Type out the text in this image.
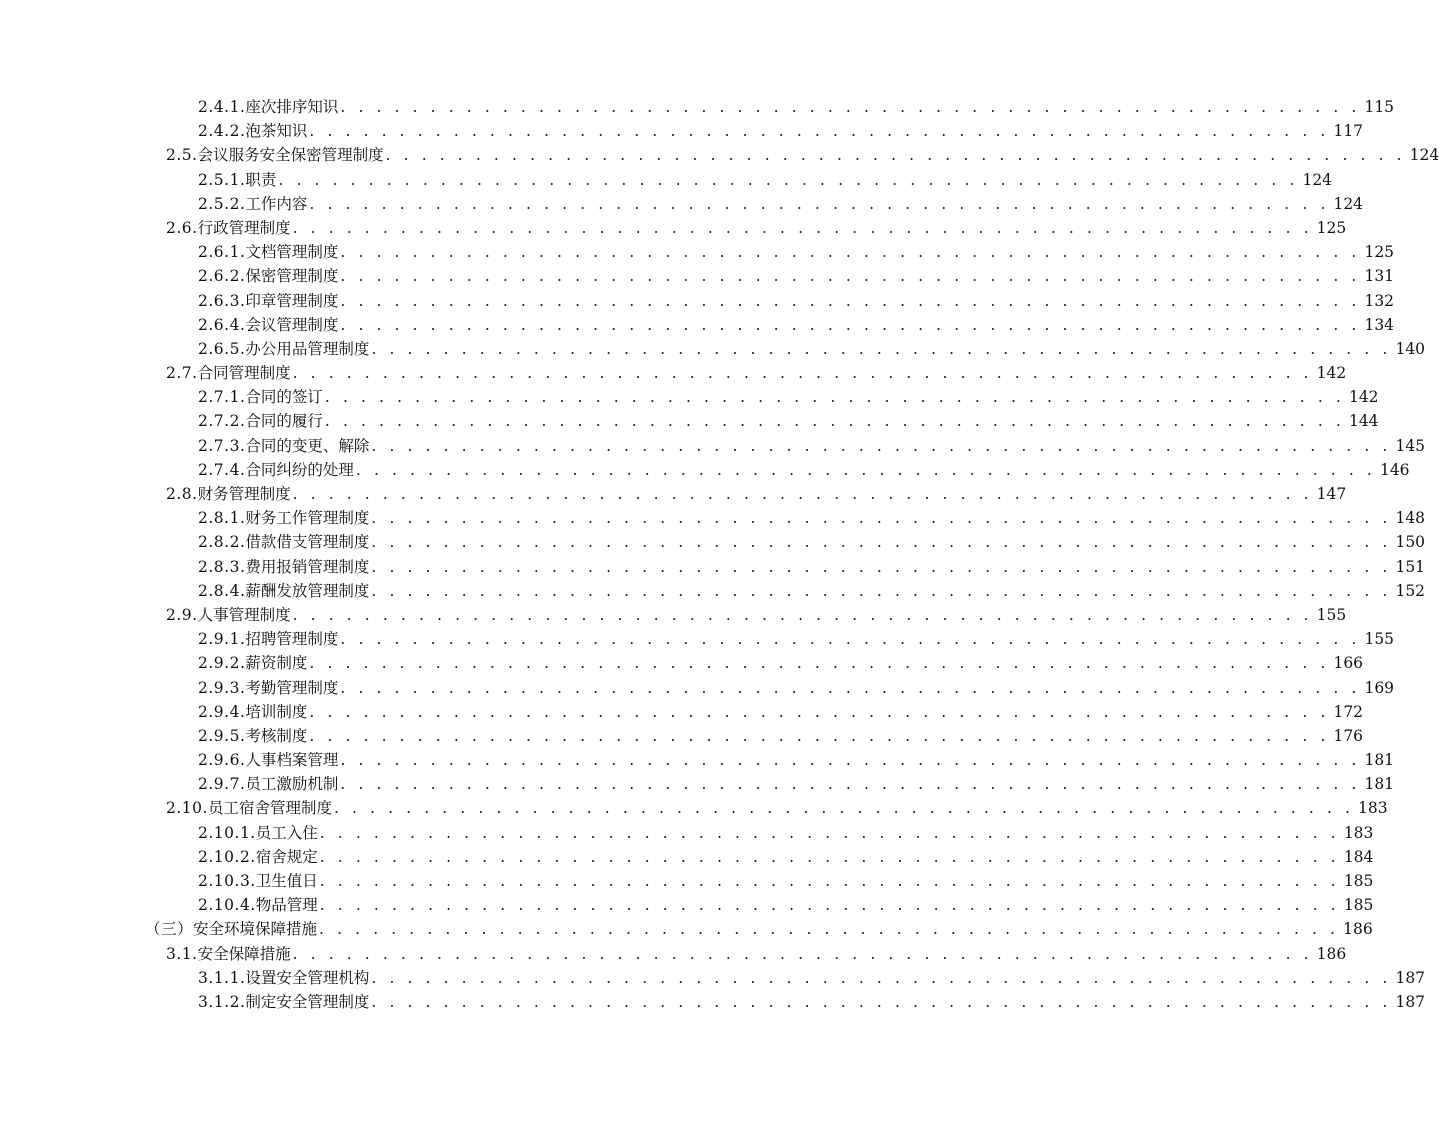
2.4.1. 座次排序知识 . . . . . . . . . . . . . . . . . . . . . . . . . . . . . . . . . . . . . . . . . . . . . . . . . . . . . . . . . 115
2.4.2. 泡茶知识 . . . . . . . . . . . . . . . . . . . . . . . . . . . . . . . . . . . . . . . . . . . . . . . . . . . . . . . . . 117
2.5. 会议服务安全保密管理制度 . . . . . . . . . . . . . . . . . . . . . . . . . . . . . . . . . . . . . . . . . . . . . . . . . . . . . . . . . 124
2.5.1. 职责 . . . . . . . . . . . . . . . . . . . . . . . . . . . . . . . . . . . . . . . . . . . . . . . . . . . . . . . . . 124
2.5.2. 工作内容 . . . . . . . . . . . . . . . . . . . . . . . . . . . . . . . . . . . . . . . . . . . . . . . . . . . . . . . . . 124
2.6. 行政管理制度 . . . . . . . . . . . . . . . . . . . . . . . . . . . . . . . . . . . . . . . . . . . . . . . . . . . . . . . . . 125
2.6.1. 文档管理制度 . . . . . . . . . . . . . . . . . . . . . . . . . . . . . . . . . . . . . . . . . . . . . . . . . . . . . . . . . 125
2.6.2. 保密管理制度 . . . . . . . . . . . . . . . . . . . . . . . . . . . . . . . . . . . . . . . . . . . . . . . . . . . . . . . . . 131
2.6.3. 印章管理制度 . . . . . . . . . . . . . . . . . . . . . . . . . . . . . . . . . . . . . . . . . . . . . . . . . . . . . . . . . 132
2.6.4. 会议管理制度 . . . . . . . . . . . . . . . . . . . . . . . . . . . . . . . . . . . . . . . . . . . . . . . . . . . . . . . . . 134
2.6.5. 办公用品管理制度 . . . . . . . . . . . . . . . . . . . . . . . . . . . . . . . . . . . . . . . . . . . . . . . . . . . . . . . . . 140
2.7. 合同管理制度 . . . . . . . . . . . . . . . . . . . . . . . . . . . . . . . . . . . . . . . . . . . . . . . . . . . . . . . . . 142
2.7.1. 合同的签订 . . . . . . . . . . . . . . . . . . . . . . . . . . . . . . . . . . . . . . . . . . . . . . . . . . . . . . . . . 142
2.7.2. 合同的履行 . . . . . . . . . . . . . . . . . . . . . . . . . . . . . . . . . . . . . . . . . . . . . . . . . . . . . . . . . 144
2.7.3. 合同的变更、解除 . . . . . . . . . . . . . . . . . . . . . . . . . . . . . . . . . . . . . . . . . . . . . . . . . . . . . . . . . 145
2.7.4. 合同纠纷的处理 . . . . . . . . . . . . . . . . . . . . . . . . . . . . . . . . . . . . . . . . . . . . . . . . . . . . . . . . . 146
2.8. 财务管理制度 . . . . . . . . . . . . . . . . . . . . . . . . . . . . . . . . . . . . . . . . . . . . . . . . . . . . . . . . . 147
2.8.1. 财务工作管理制度 . . . . . . . . . . . . . . . . . . . . . . . . . . . . . . . . . . . . . . . . . . . . . . . . . . . . . . . . . 148
2.8.2. 借款借支管理制度 . . . . . . . . . . . . . . . . . . . . . . . . . . . . . . . . . . . . . . . . . . . . . . . . . . . . . . . . . 150
2.8.3. 费用报销管理制度 . . . . . . . . . . . . . . . . . . . . . . . . . . . . . . . . . . . . . . . . . . . . . . . . . . . . . . . . . 151
2.8.4. 薪酬发放管理制度 . . . . . . . . . . . . . . . . . . . . . . . . . . . . . . . . . . . . . . . . . . . . . . . . . . . . . . . . . 152
2.9. 人事管理制度 . . . . . . . . . . . . . . . . . . . . . . . . . . . . . . . . . . . . . . . . . . . . . . . . . . . . . . . . . 155
2.9.1. 招聘管理制度 . . . . . . . . . . . . . . . . . . . . . . . . . . . . . . . . . . . . . . . . . . . . . . . . . . . . . . . . . 155
2.9.2. 薪资制度 . . . . . . . . . . . . . . . . . . . . . . . . . . . . . . . . . . . . . . . . . . . . . . . . . . . . . . . . . 166
2.9.3. 考勤管理制度 . . . . . . . . . . . . . . . . . . . . . . . . . . . . . . . . . . . . . . . . . . . . . . . . . . . . . . . . . 169
2.9.4. 培训制度 . . . . . . . . . . . . . . . . . . . . . . . . . . . . . . . . . . . . . . . . . . . . . . . . . . . . . . . . . 172
2.9.5. 考核制度 . . . . . . . . . . . . . . . . . . . . . . . . . . . . . . . . . . . . . . . . . . . . . . . . . . . . . . . . . 176
2.9.6. 人事档案管理 . . . . . . . . . . . . . . . . . . . . . . . . . . . . . . . . . . . . . . . . . . . . . . . . . . . . . . . . . 181
2.9.7. 员工激励机制 . . . . . . . . . . . . . . . . . . . . . . . . . . . . . . . . . . . . . . . . . . . . . . . . . . . . . . . . . 181
2.10. 员工宿舍管理制度 . . . . . . . . . . . . . . . . . . . . . . . . . . . . . . . . . . . . . . . . . . . . . . . . . . . . . . . . . 183
2.10.1. 员工入住 . . . . . . . . . . . . . . . . . . . . . . . . . . . . . . . . . . . . . . . . . . . . . . . . . . . . . . . . . 183
2.10.2. 宿舍规定 . . . . . . . . . . . . . . . . . . . . . . . . . . . . . . . . . . . . . . . . . . . . . . . . . . . . . . . . . 184
2.10.3. 卫生值日 . . . . . . . . . . . . . . . . . . . . . . . . . . . . . . . . . . . . . . . . . . . . . . . . . . . . . . . . . 185
2.10.4. 物品管理 . . . . . . . . . . . . . . . . . . . . . . . . . . . . . . . . . . . . . . . . . . . . . . . . . . . . . . . . . 185
（三） 安全环境保障措施 . . . . . . . . . . . . . . . . . . . . . . . . . . . . . . . . . . . . . . . . . . . . . . . . . . . . . . . . . 186
3.1. 安全保障措施 . . . . . . . . . . . . . . . . . . . . . . . . . . . . . . . . . . . . . . . . . . . . . . . . . . . . . . . . . 186
3.1.1. 设置安全管理机构 . . . . . . . . . . . . . . . . . . . . . . . . . . . . . . . . . . . . . . . . . . . . . . . . . . . . . . . . . 187
3.1.2. 制定安全管理制度 . . . . . . . . . . . . . . . . . . . . . . . . . . . . . . . . . . . . . . . . . . . . . . . . . . . . . . . . . 187
